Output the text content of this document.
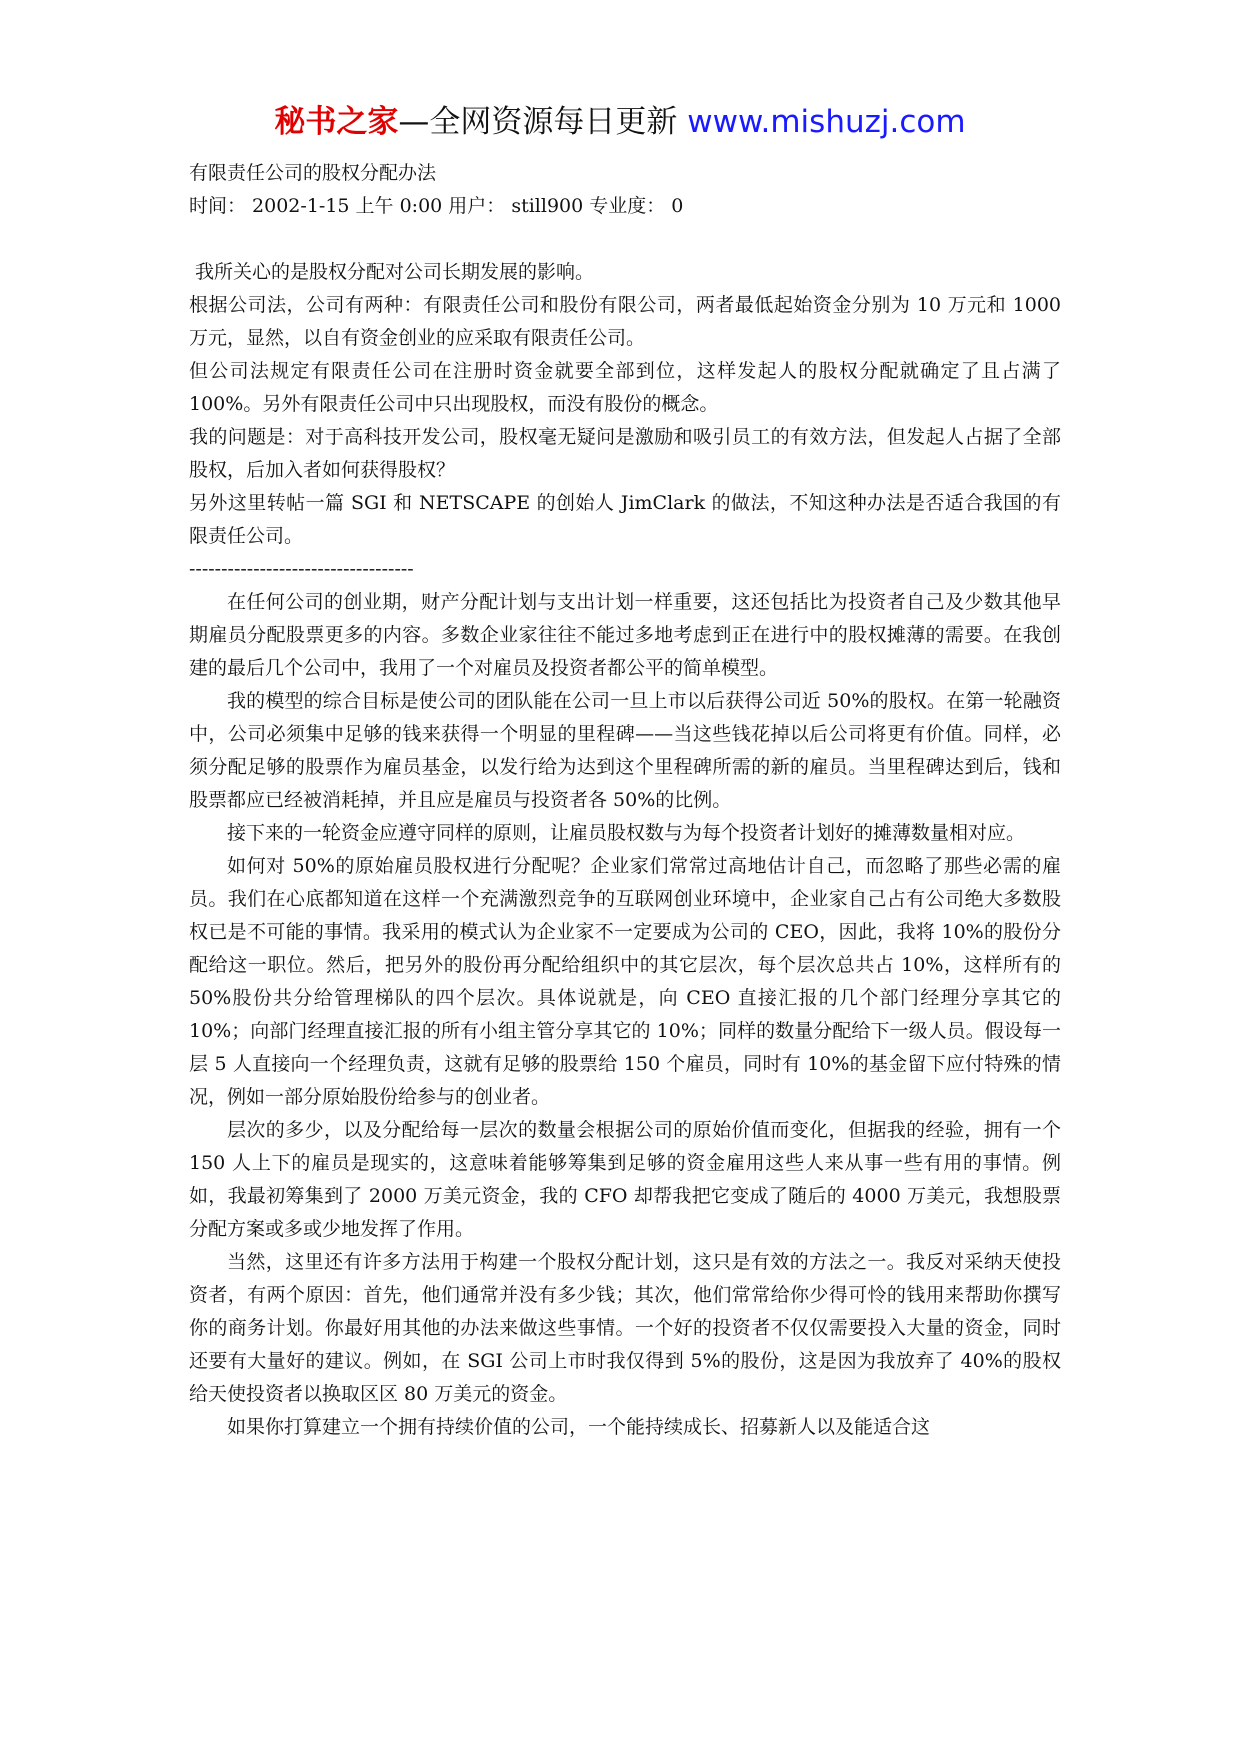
秘书之家—全网资源每日更新 www.mishuzj.com

有限责任公司的股权分配办法

时间： 2002-1-15 上午 0:00 用户： still900 专业度： 0

我所关心的是股权分配对公司长期发展的影响。

根据公司法，公司有两种：有限责任公司和股份有限公司，两者最低起始资金分别为 10 万元和 1000 万元，显然，以自有资金创业的应采取有限责任公司。

但公司法规定有限责任公司在注册时资金就要全部到位，这样发起人的股权分配就确定了且占满了 100%。另外有限责任公司中只出现股权，而没有股份的概念。

我的问题是：对于高科技开发公司，股权毫无疑问是激励和吸引员工的有效方法，但发起人占据了全部股权，后加入者如何获得股权？

另外这里转帖一篇 SGI 和 NETSCAPE 的创始人 JimClark 的做法，不知这种办法是否适合我国的有限责任公司。

-----------------------------------

在任何公司的创业期，财产分配计划与支出计划一样重要，这还包括比为投资者自己及少数其他早期雇员分配股票更多的内容。多数企业家往往不能过多地考虑到正在进行中的股权摊薄的需要。在我创建的最后几个公司中，我用了一个对雇员及投资者都公平的简单模型。

我的模型的综合目标是使公司的团队能在公司一旦上市以后获得公司近 50%的股权。在第一轮融资中，公司必须集中足够的钱来获得一个明显的里程碑——当这些钱花掉以后公司将更有价值。同样，必须分配足够的股票作为雇员基金，以发行给为达到这个里程碑所需的新的雇员。当里程碑达到后，钱和股票都应已经被消耗掉，并且应是雇员与投资者各 50%的比例。

接下来的一轮资金应遵守同样的原则，让雇员股权数与为每个投资者计划好的摊薄数量相对应。

如何对 50%的原始雇员股权进行分配呢？企业家们常常过高地估计自己，而忽略了那些必需的雇员。我们在心底都知道在这样一个充满激烈竞争的互联网创业环境中，企业家自己占有公司绝大多数股权已是不可能的事情。我采用的模式认为企业家不一定要成为公司的 CEO，因此，我将 10%的股份分配给这一职位。然后，把另外的股份再分配给组织中的其它层次，每个层次总共占 10%，这样所有的 50%股份共分给管理梯队的四个层次。具体说就是，向 CEO 直接汇报的几个部门经理分享其它的 10%；向部门经理直接汇报的所有小组主管分享其它的 10%；同样的数量分配给下一级人员。假设每一层 5 人直接向一个经理负责，这就有足够的股票给 150 个雇员，同时有 10%的基金留下应付特殊的情况，例如一部分原始股份给参与的创业者。

层次的多少，以及分配给每一层次的数量会根据公司的原始价值而变化，但据我的经验，拥有一个 150 人上下的雇员是现实的，这意味着能够筹集到足够的资金雇用这些人来从事一些有用的事情。例如，我最初筹集到了 2000 万美元资金，我的 CFO 却帮我把它变成了随后的 4000 万美元，我想股票分配方案或多或少地发挥了作用。

当然，这里还有许多方法用于构建一个股权分配计划，这只是有效的方法之一。我反对采纳天使投资者，有两个原因：首先，他们通常并没有多少钱；其次，他们常常给你少得可怜的钱用来帮助你撰写你的商务计划。你最好用其他的办法来做这些事情。一个好的投资者不仅仅需要投入大量的资金，同时还要有大量好的建议。例如，在 SGI 公司上市时我仅得到 5%的股份，这是因为我放弃了 40%的股权给天使投资者以换取区区 80 万美元的资金。

如果你打算建立一个拥有持续价值的公司，一个能持续成长、招募新人以及能适合这
